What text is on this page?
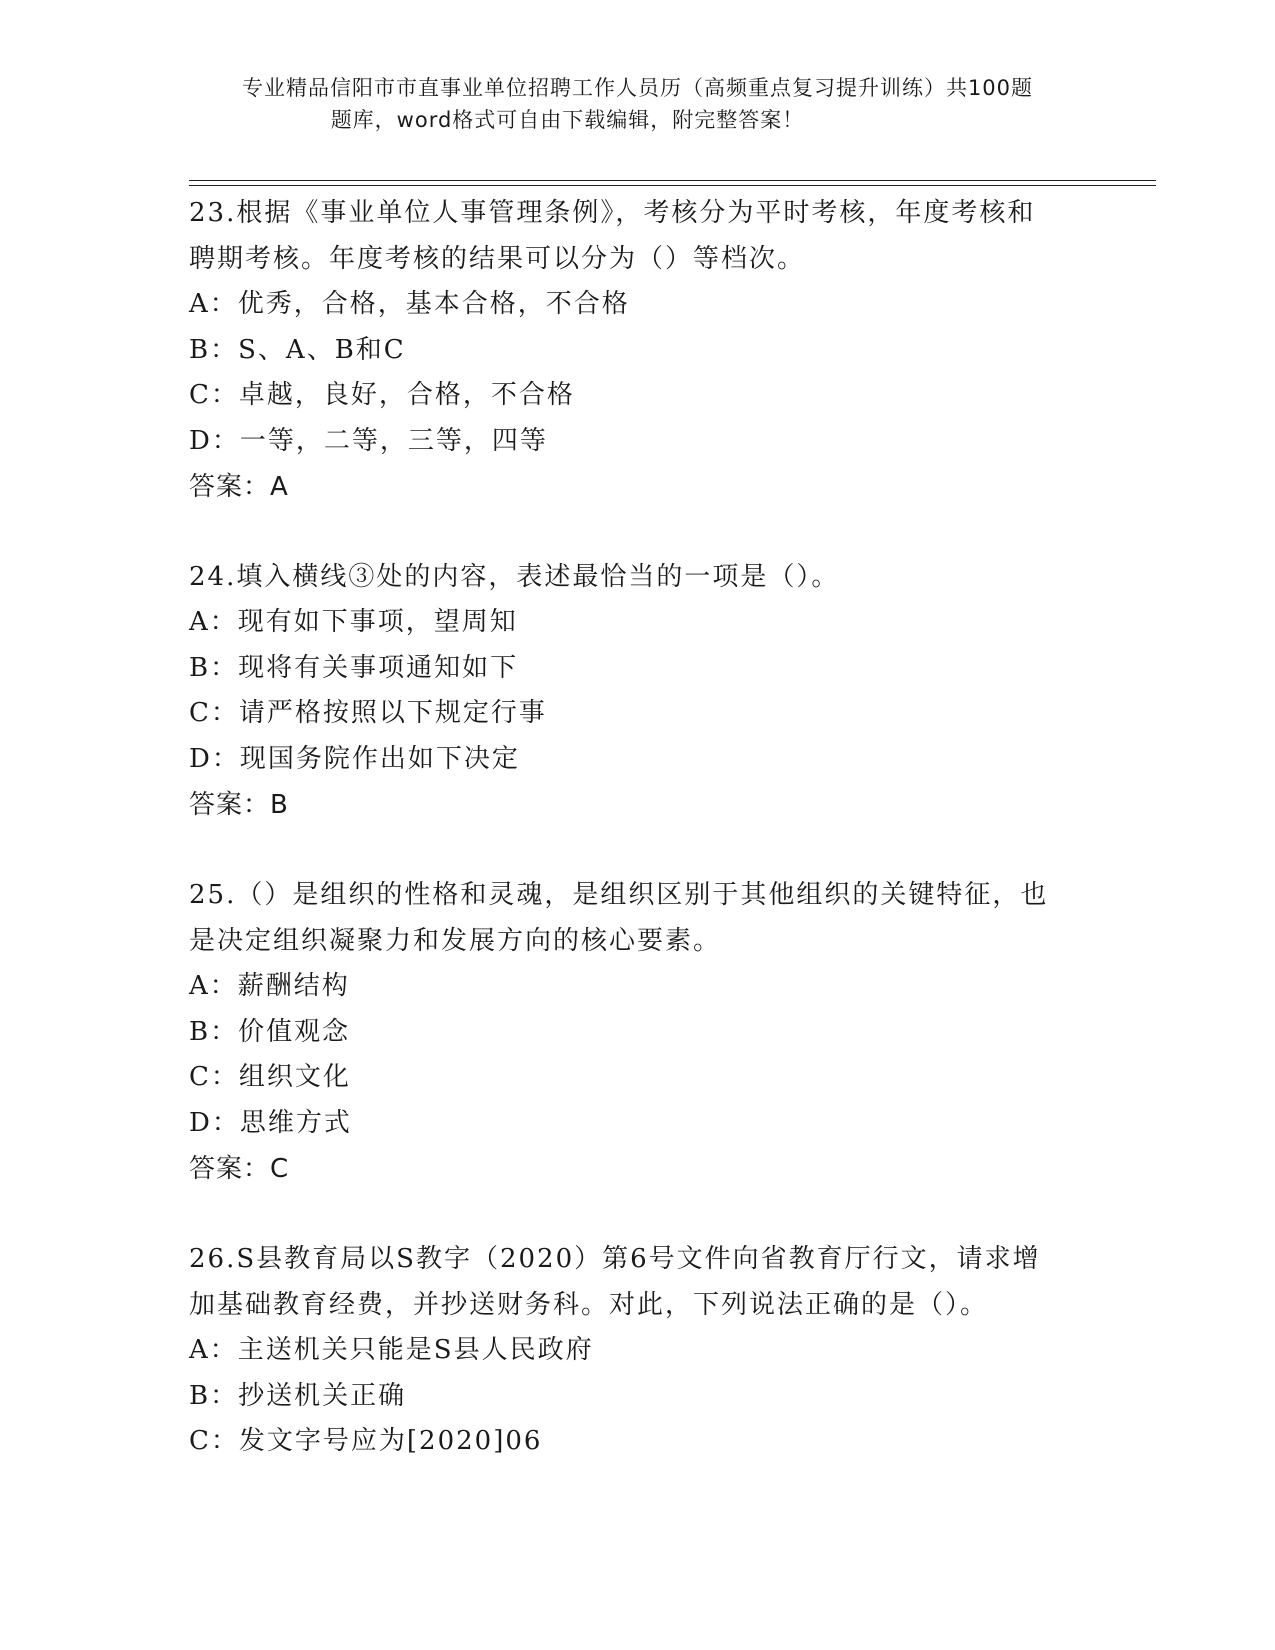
专业精品信阳市市直事业单位招聘工作人员历（高频重点复习提升训练）共100题

题库，word格式可自由下载编辑，附完整答案！

23.根据《事业单位人事管理条例》，考核分为平时考核，年度考核和

聘期考核。年度考核的结果可以分为（）等档次。

A：优秀，合格，基本合格，不合格

B：S、A、B和C

C：卓越，良好，合格，不合格

D：一等，二等，三等，四等

答案：A

24.填入横线③处的内容，表述最恰当的一项是（）。

A：现有如下事项，望周知

B：现将有关事项通知如下

C：请严格按照以下规定行事

D：现国务院作出如下决定

答案：B

25.（）是组织的性格和灵魂，是组织区别于其他组织的关键特征，也

是决定组织凝聚力和发展方向的核心要素。

A：薪酬结构

B：价值观念

C：组织文化

D：思维方式

答案：C

26.S县教育局以S教字（2020）第6号文件向省教育厅行文，请求增

加基础教育经费，并抄送财务科。对此，下列说法正确的是（）。

A：主送机关只能是S县人民政府

B：抄送机关正确

C：发文字号应为[2020]06
